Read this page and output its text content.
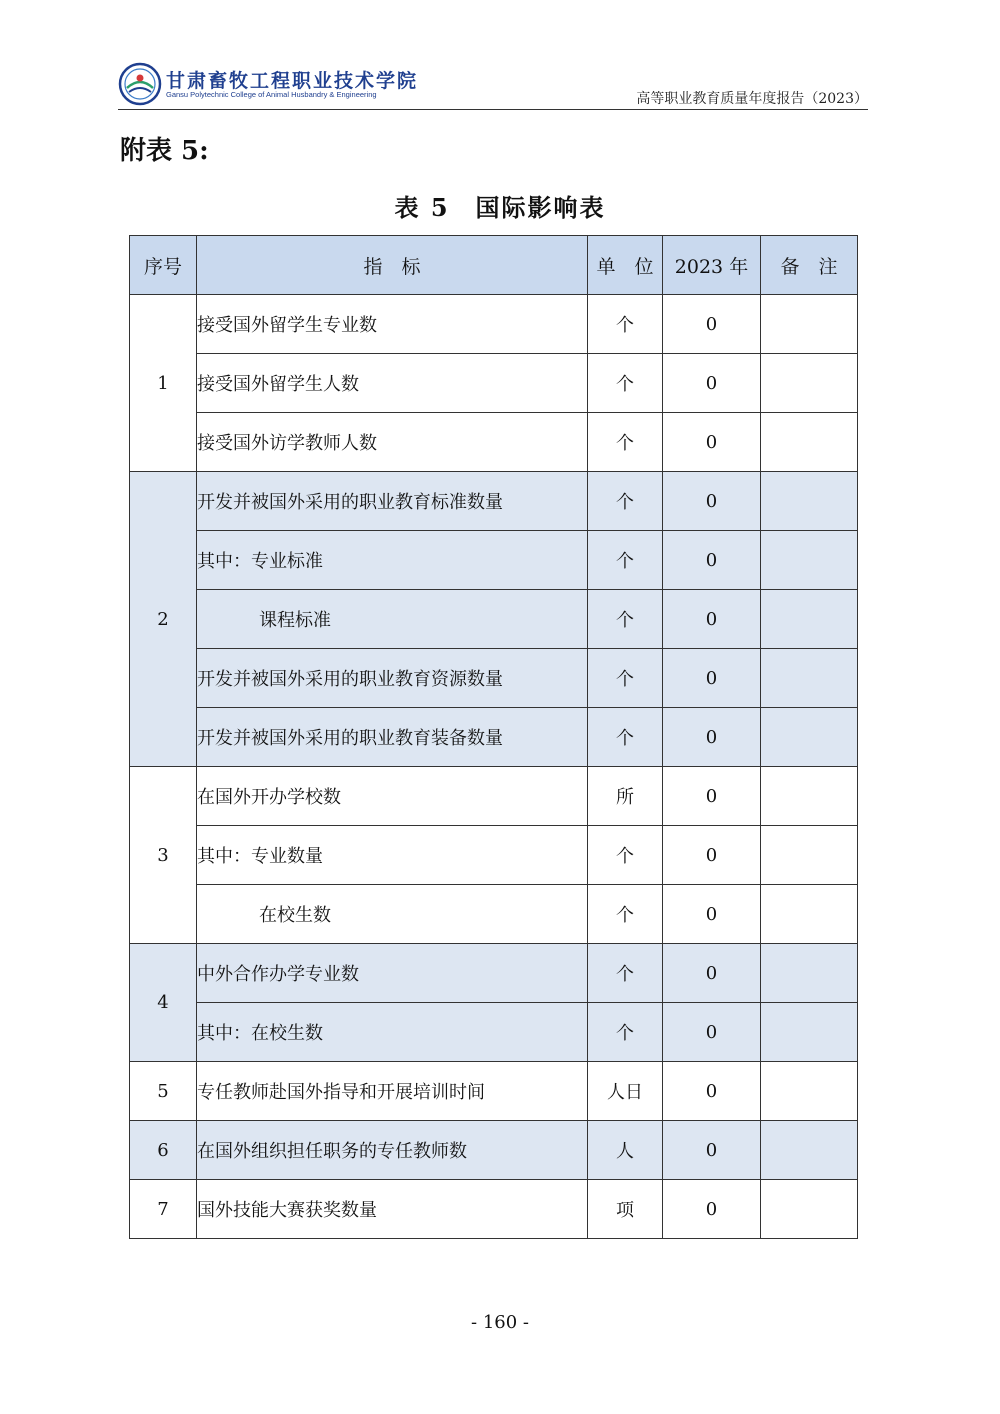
甘肃畜牧工程职业技术学院
Gansu Polytechnic College of Animal Husbandry & Engineering	高等职业教育质量年度报告（2023）
附表 5:
表 5　国际影响表
序号	指　标	单　位	2023 年	备　注
1	接受国外留学生专业数	个	0	
	接受国外留学生人数	个	0	
	接受国外访学教师人数	个	0	
2	开发并被国外采用的职业教育标准数量	个	0	
	其中：专业标准	个	0	
	课程标准	个	0	
	开发并被国外采用的职业教育资源数量	个	0	
	开发并被国外采用的职业教育装备数量	个	0	
3	在国外开办学校数	所	0	
	其中：专业数量	个	0	
	在校生数	个	0	
4	中外合作办学专业数	个	0	
	其中：在校生数	个	0	
5	专任教师赴国外指导和开展培训时间	人日	0	
6	在国外组织担任职务的专任教师数	人	0	
7	国外技能大赛获奖数量	项	0	
- 160 -
